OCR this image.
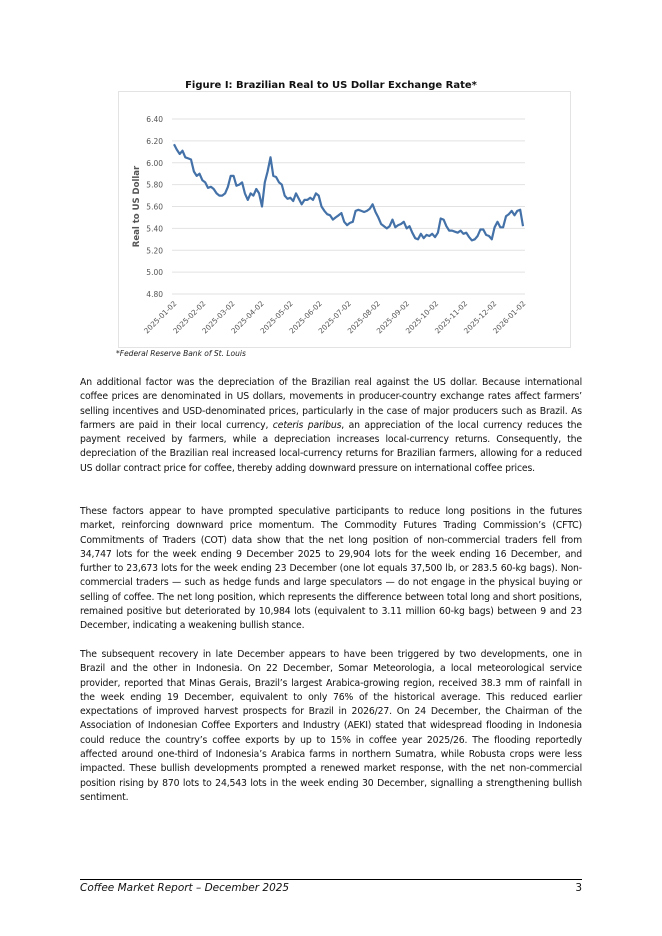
Figure I: Brazilian Real to US Dollar Exchange Rate*
6.40
6.20
6.00
5.80
5.60
5.40
5.20
5.00
4.80
Real to US Dollar
2025-01-02
2025-02-02
2025-03-02
2025-04-02
2025-05-02
2025-06-02
2025-07-02
2025-08-02
2025-09-02
2025-10-02
2025-11-02
2025-12-02
2026-01-02
*Federal Reserve Bank of St. Louis
An additional factor was the depreciation of the Brazilian real against the US dollar. Because international coffee prices are denominated in US dollars, movements in producer-country exchange rates affect farmers’ selling incentives and USD-denominated prices, particularly in the case of major producers such as Brazil. As farmers are paid in their local currency, ceteris paribus, an appreciation of the local currency reduces the payment received by farmers, while a depreciation increases local-currency returns. Consequently, the depreciation of the Brazilian real increased local-currency returns for Brazilian farmers, allowing for a reduced US dollar contract price for coffee, thereby adding downward pressure on international coffee prices.
These factors appear to have prompted speculative participants to reduce long positions in the futures market, reinforcing downward price momentum. The Commodity Futures Trading Commission’s (CFTC) Commitments of Traders (COT) data show that the net long position of non-commercial traders fell from 34,747 lots for the week ending 9 December 2025 to 29,904 lots for the week ending 16 December, and further to 23,673 lots for the week ending 23 December (one lot equals 37,500 lb, or 283.5 60-kg bags). Non-commercial traders — such as hedge funds and large speculators — do not engage in the physical buying or selling of coffee. The net long position, which represents the difference between total long and short positions, remained positive but deteriorated by 10,984 lots (equivalent to 3.11 million 60-kg bags) between 9 and 23 December, indicating a weakening bullish stance.
The subsequent recovery in late December appears to have been triggered by two developments, one in Brazil and the other in Indonesia. On 22 December, Somar Meteorologia, a local meteorological service provider, reported that Minas Gerais, Brazil’s largest Arabica-growing region, received 38.3 mm of rainfall in the week ending 19 December, equivalent to only 76% of the historical average. This reduced earlier expectations of improved harvest prospects for Brazil in 2026/27. On 24 December, the Chairman of the Association of Indonesian Coffee Exporters and Industry (AEKI) stated that widespread flooding in Indonesia could reduce the country’s coffee exports by up to 15% in coffee year 2025/26. The flooding reportedly affected around one-third of Indonesia’s Arabica farms in northern Sumatra, while Robusta crops were less impacted. These bullish developments prompted a renewed market response, with the net non-commercial position rising by 870 lots to 24,543 lots in the week ending 30 December, signalling a strengthening bullish sentiment.
Coffee Market Report – December 2025	3
